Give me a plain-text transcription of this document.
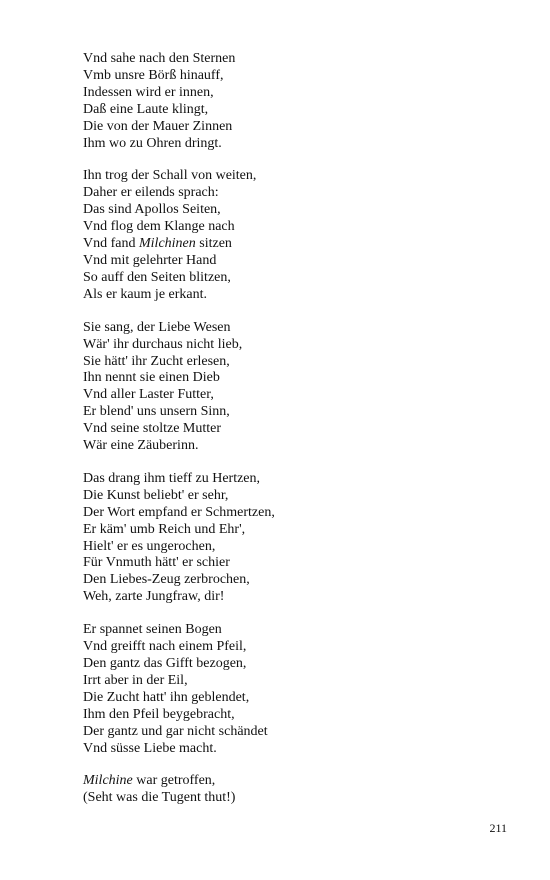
Vnd sahe nach den Sternen
Vmb unsre Börß hinauff,
Indessen wird er innen,
Daß eine Laute klingt,
Die von der Mauer Zinnen
Ihm wo zu Ohren dringt.
Ihn trog der Schall von weiten,
Daher er eilends sprach:
Das sind Apollos Seiten,
Vnd flog dem Klange nach
Vnd fand Milchinen sitzen
Vnd mit gelehrter Hand
So auff den Seiten blitzen,
Als er kaum je erkant.
Sie sang, der Liebe Wesen
Wär' ihr durchaus nicht lieb,
Sie hätt' ihr Zucht erlesen,
Ihn nennt sie einen Dieb
Vnd aller Laster Futter,
Er blend' uns unsern Sinn,
Vnd seine stoltze Mutter
Wär eine Zäuberinn.
Das drang ihm tieff zu Hertzen,
Die Kunst beliebt' er sehr,
Der Wort empfand er Schmertzen,
Er käm' umb Reich und Ehr',
Hielt' er es ungerochen,
Für Vnmuth hätt' er schier
Den Liebes-Zeug zerbrochen,
Weh, zarte Jungfraw, dir!
Er spannet seinen Bogen
Vnd greifft nach einem Pfeil,
Den gantz das Gifft bezogen,
Irrt aber in der Eil,
Die Zucht hatt' ihn geblendet,
Ihm den Pfeil beygebracht,
Der gantz und gar nicht schändet
Vnd süsse Liebe macht.
Milchine war getroffen,
(Seht was die Tugent thut!)
211
